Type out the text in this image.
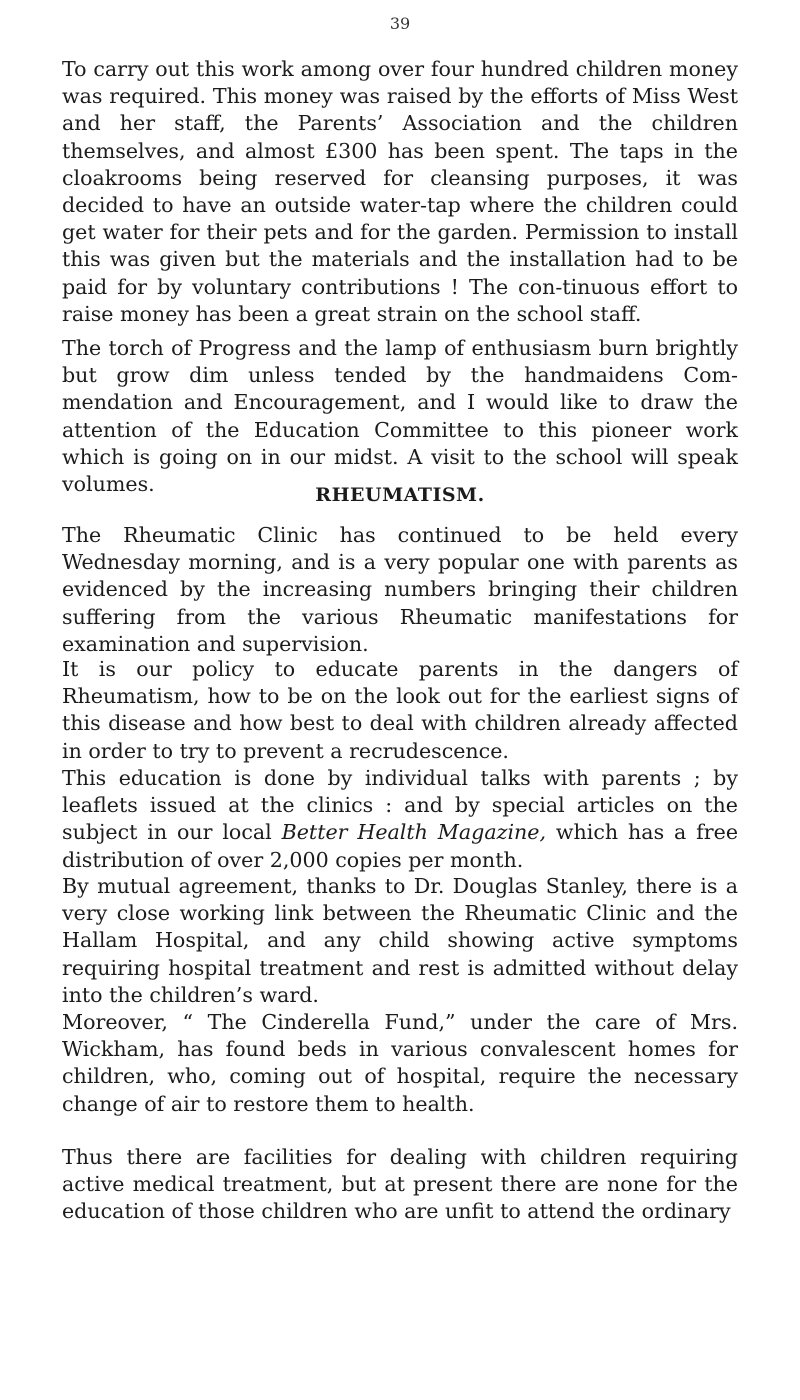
39

To carry out this work among over four hundred children money was required. This money was raised by the efforts of Miss West and her staff, the Parents’ Association and the children themselves, and almost £300 has been spent. The taps in the cloakrooms being reserved for cleansing purposes, it was decided to have an outside water-tap where the children could get water for their pets and for the garden. Permission to install this was given but the materials and the installation had to be paid for by voluntary contributions ! The con-tinuous effort to raise money has been a great strain on the school staff.

The torch of Progress and the lamp of enthusiasm burn brightly but grow dim unless tended by the handmaidens Com-mendation and Encouragement, and I would like to draw the attention of the Education Committee to this pioneer work which is going on in our midst. A visit to the school will speak volumes.	RHEUMATISM.

The Rheumatic Clinic has continued to be held every Wednesday morning, and is a very popular one with parents as evidenced by the increasing numbers bringing their children suffering from the various Rheumatic manifestations for examination and supervision.

It is our policy to educate parents in the dangers of Rheumatism, how to be on the look out for the earliest signs of this disease and how best to deal with children already affected in order to try to prevent a recrudescence.

This education is done by individual talks with parents ; by leaflets issued at the clinics : and by special articles on the subject in our local Better Health Magazine, which has a free distribution of over 2,000 copies per month.

By mutual agreement, thanks to Dr. Douglas Stanley, there is a very close working link between the Rheumatic Clinic and the Hallam Hospital, and any child showing active symptoms requiring hospital treatment and rest is admitted without delay into the children’s ward.

Moreover, “ The Cinderella Fund,” under the care of Mrs. Wickham, has found beds in various convalescent homes for children, who, coming out of hospital, require the necessary change of air to restore them to health.

Thus there are facilities for dealing with children requiring active medical treatment, but at present there are none for the education of those children who are unfit to attend the ordinary
